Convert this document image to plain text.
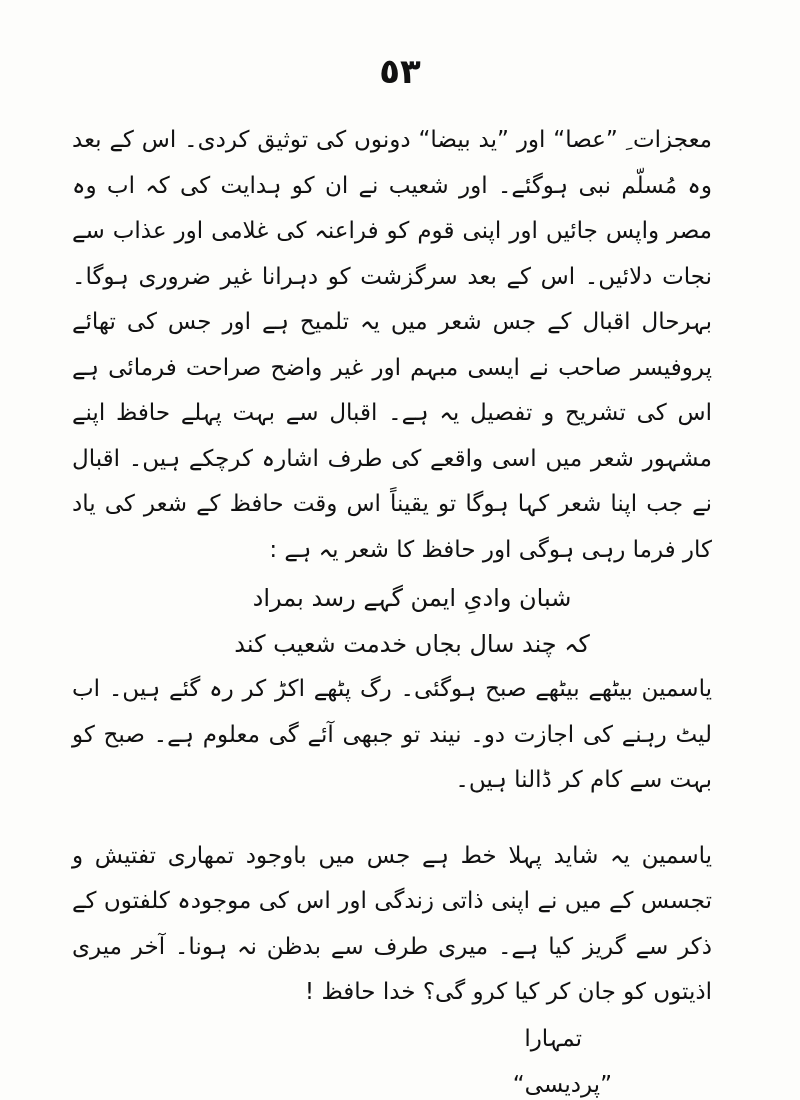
٥٣

معجزات ِ ”عصا“ اور ”ید بیضا“ دونوں کی توثیق کردی۔ اس کے بعد وہ مُسلّم نبی ہوگئے۔ اور شعیب نے ان کو ہدایت کی کہ اب وہ مصر واپس جائیں اور اپنی قوم کو فراعنہ کی غلامی اور عذاب سے نجات دلائیں۔ اس کے بعد سرگزشت کو دہرانا غیر ضروری ہوگا۔ بہرحال اقبال کے جس شعر میں یہ تلمیح ہے اور جس کی تھائے پروفیسر صاحب نے ایسی مبہم اور غیر واضح صراحت فرمائی ہے اس کی تشریح و تفصیل یہ ہے۔ اقبال سے بہت پہلے حافظ اپنے مشہور شعر میں اسی واقعے کی طرف اشارہ کرچکے ہیں۔ اقبال نے جب اپنا شعر کہا ہوگا تو یقیناً اس وقت حافظ کے شعر کی یاد کار فرما رہی ہوگی اور حافظ کا شعر یہ ہے :

شبان وادیِ ایمن گہے رسد بمراد
کہ چند سال بجاں خدمت شعیب کند

یاسمین بیٹھے بیٹھے صبح ہوگئی۔ رگ پٹھے اکڑ کر رہ گئے ہیں۔ اب لیٹ رہنے کی اجازت دو۔ نیند تو جبھی آئے گی معلوم ہے۔ صبح کو بہت سے کام کر ڈالنا ہیں۔

یاسمین یہ شاید پہلا خط ہے جس میں باوجود تمھاری تفتیش و تجسس کے میں نے اپنی ذاتی زندگی اور اس کی موجودہ کلفتوں کے ذکر سے گریز کیا ہے۔ میری طرف سے بدظن نہ ہونا۔ آخر میری اذیتوں کو جان کر کیا کرو گی؟ خدا حافظ !
تمہارا
”پردیسی“
